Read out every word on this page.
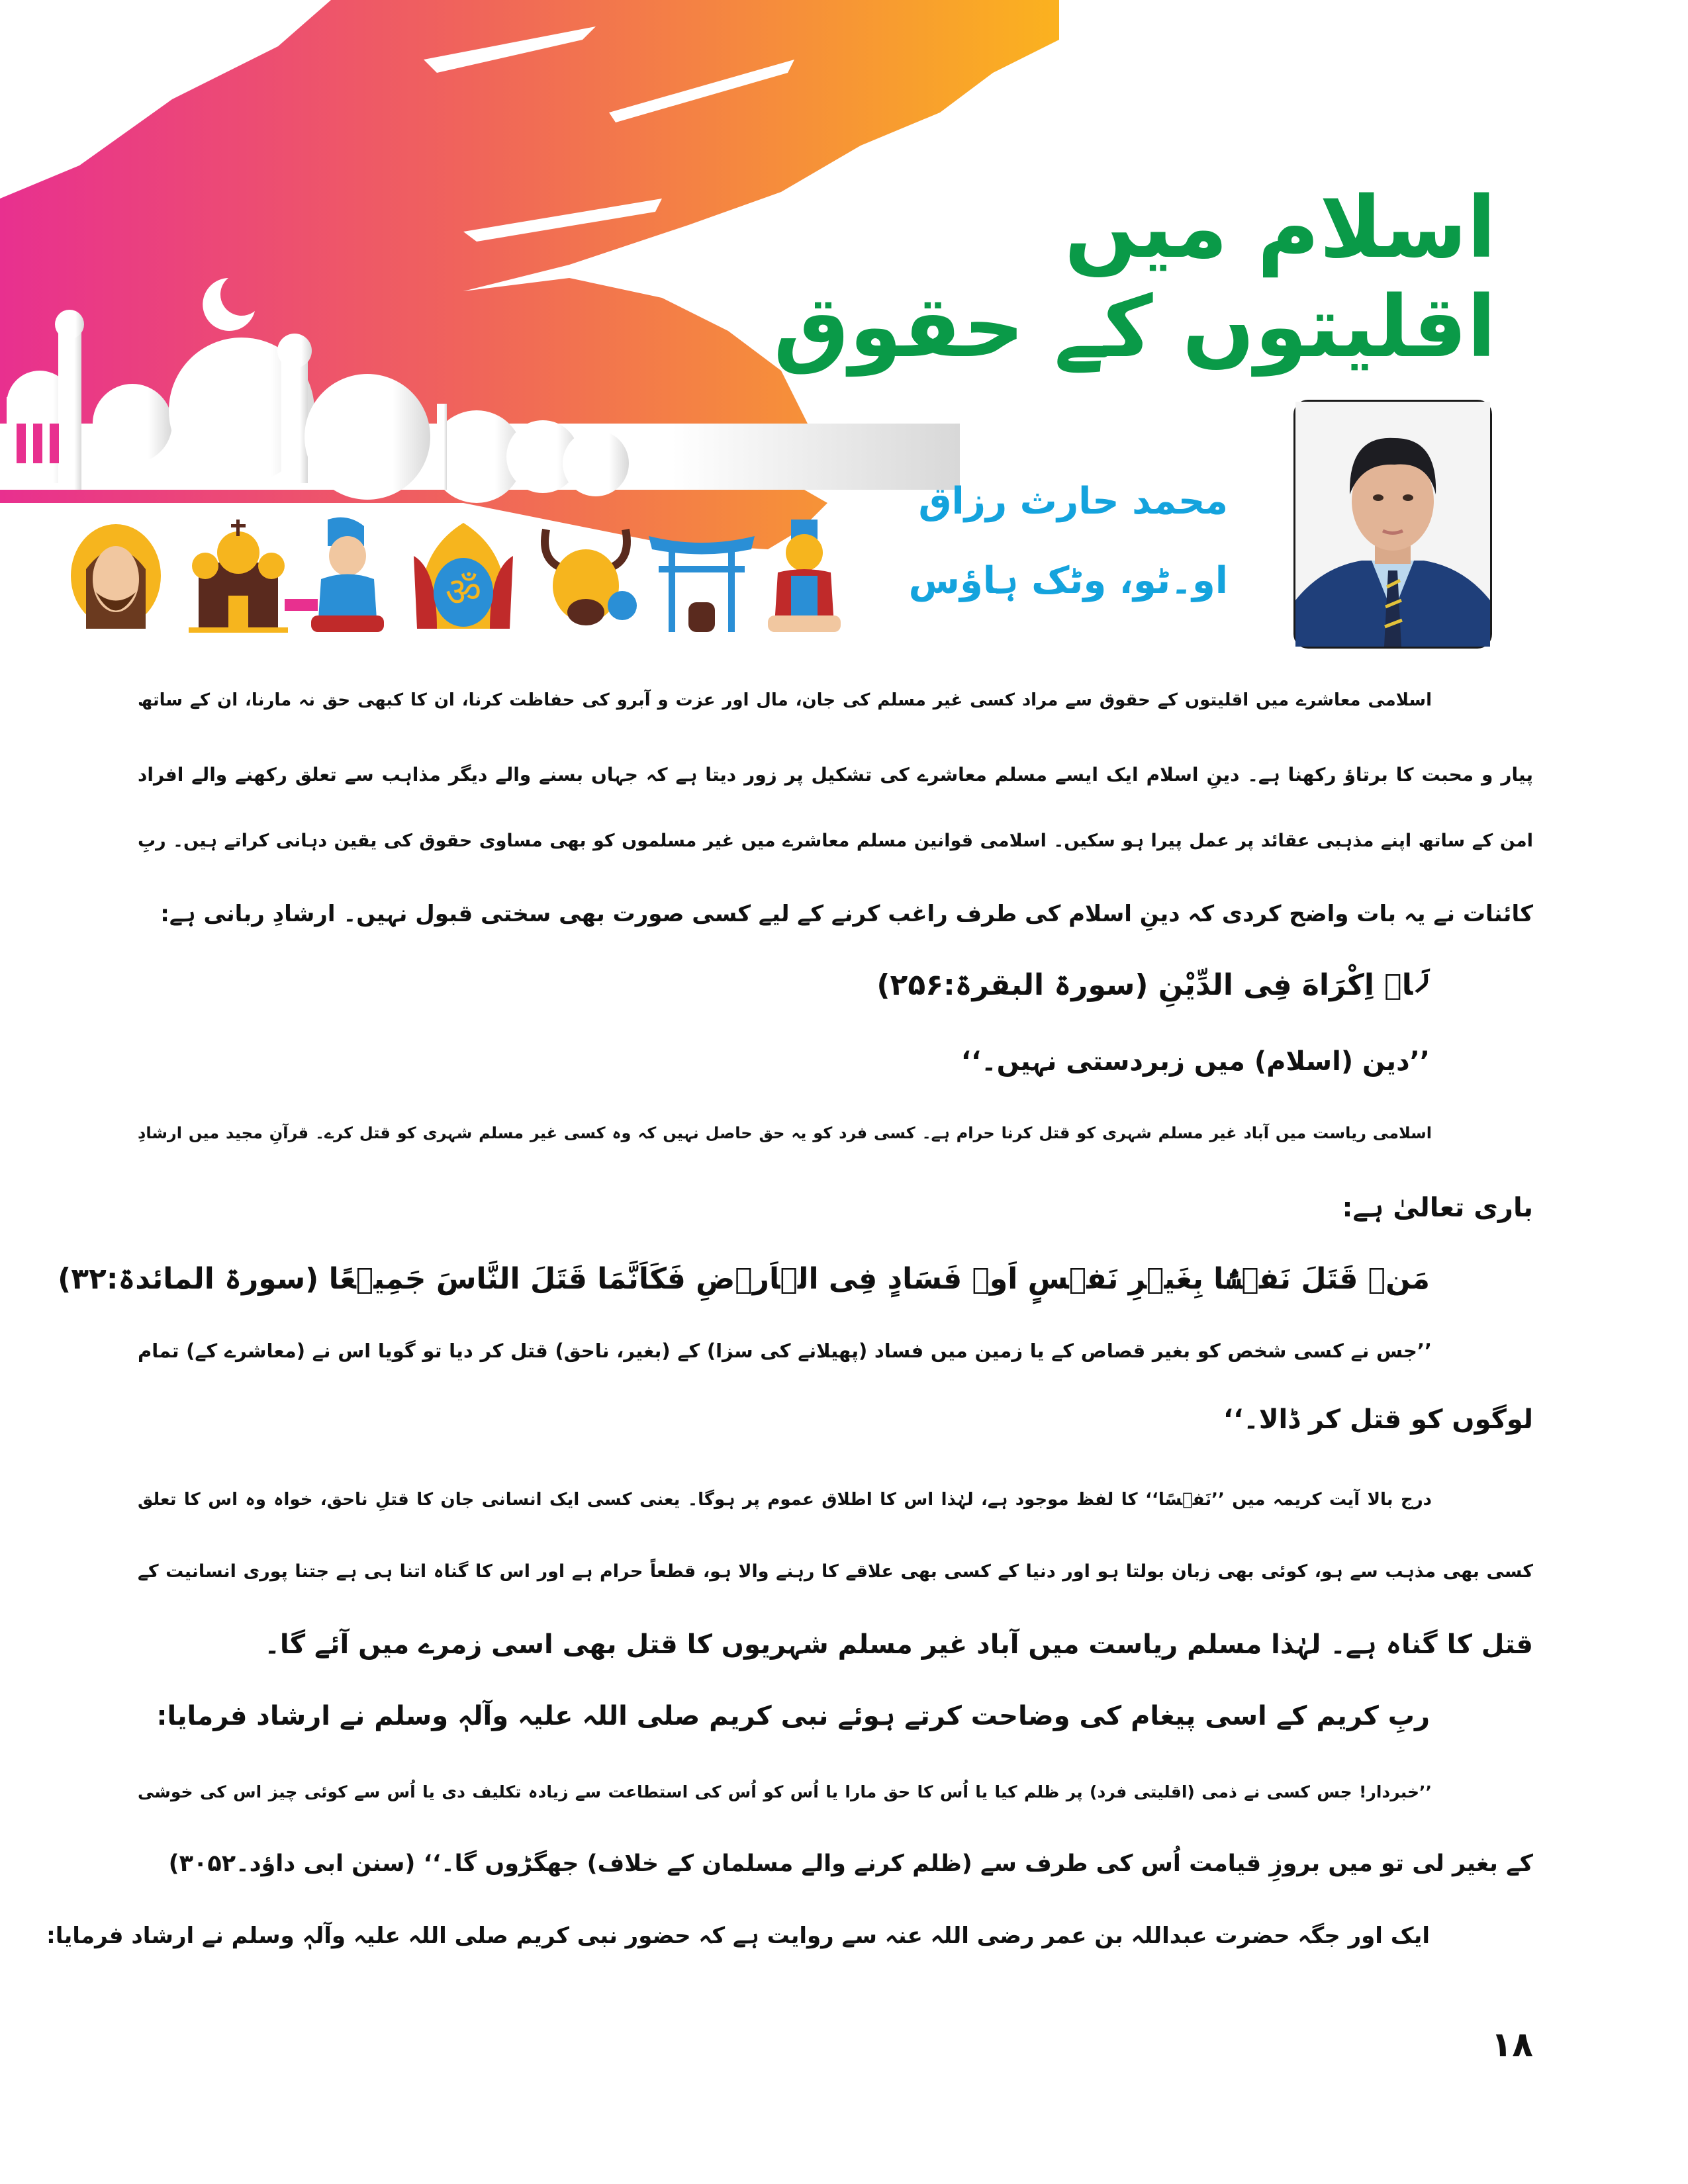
ॐ
اسلام میں
اقلیتوں کے حقوق
محمد حارث رزاق
او۔ٹو، وٹک ہاؤس
اسلامی معاشرے میں اقلیتوں کے حقوق سے مراد کسی غیر مسلم کی جان، مال اور عزت و آبرو کی حفاظت کرنا، ان کا کبھی حق نہ مارنا، ان کے ساتھ
پیار و محبت کا برتاؤ رکھنا ہے۔ دینِ اسلام ایک ایسے مسلم معاشرے کی تشکیل پر زور دیتا ہے کہ جہاں بسنے والے دیگر مذاہب سے تعلق رکھنے والے افراد
امن کے ساتھ اپنے مذہبی عقائد پر عمل پیرا ہو سکیں۔ اسلامی قوانین مسلم معاشرے میں غیر مسلموں کو بھی مساوی حقوق کی یقین دہانی کراتے ہیں۔ ربِ
کائنات نے یہ بات واضح کردی کہ دینِ اسلام کی طرف راغب کرنے کے لیے کسی صورت بھی سختی قبول نہیں۔ ارشادِ ربانی ہے:
لَاۤ اِکْرَاهَ فِی الدِّیْنِ (سورۃ البقرۃ:۲۵۶)
’’دین (اسلام) میں زبردستی نہیں۔‘‘
اسلامی ریاست میں آباد غیر مسلم شہری کو قتل کرنا حرام ہے۔ کسی فرد کو یہ حق حاصل نہیں کہ وہ کسی غیر مسلم شہری کو قتل کرے۔ قرآنِ مجید میں ارشادِ
باری تعالیٰ ہے:
مَنۡ قَتَلَ نَفۡسًۢا بِغَيۡرِ نَفۡسٍ اَوۡ فَسَادٍ فِى الۡاَرۡضِ فَكَاَنَّمَا قَتَلَ النَّاسَ جَمِيۡعًا (سورۃ المائدۃ:۳۲)
’’جس نے کسی شخص کو بغیر قصاص کے یا زمین میں فساد (پھیلانے کی سزا) کے (بغیر، ناحق) قتل کر دیا تو گویا اس نے (معاشرے کے) تمام
لوگوں کو قتل کر ڈالا۔‘‘
درج بالا آیت کریمہ میں ’’نَفۡسًا‘‘ کا لفظ موجود ہے، لہٰذا اس کا اطلاق عموم پر ہوگا۔ یعنی کسی ایک انسانی جان کا قتلِ ناحق، خواہ وہ اس کا تعلق
کسی بھی مذہب سے ہو، کوئی بھی زبان بولتا ہو اور دنیا کے کسی بھی علاقے کا رہنے والا ہو، قطعاً حرام ہے اور اس کا گناہ اتنا ہی ہے جتنا پوری انسانیت کے
قتل کا گناہ ہے۔ لہٰذا مسلم ریاست میں آباد غیر مسلم شہریوں کا قتل بھی اسی زمرے میں آئے گا۔
ربِ کریم کے اسی پیغام کی وضاحت کرتے ہوئے نبی کریم صلی اللہ علیہ وآلہٖ وسلم نے ارشاد فرمایا:
’’خبردار! جس کسی نے ذمی (اقلیتی فرد) پر ظلم کیا یا اُس کا حق مارا یا اُس کو اُس کی استطاعت سے زیادہ تکلیف دی یا اُس سے کوئی چیز اس کی خوشی
کے بغیر لی تو میں بروزِ قیامت اُس کی طرف سے (ظلم کرنے والے مسلمان کے خلاف) جھگڑوں گا۔‘‘ (سنن ابی داؤد۔۳۰۵۲)
ایک اور جگہ حضرت عبداللہ بن عمر رضی اللہ عنہ سے روایت ہے کہ حضور نبی کریم صلی اللہ علیہ وآلہٖ وسلم نے ارشاد فرمایا:
۱۸
